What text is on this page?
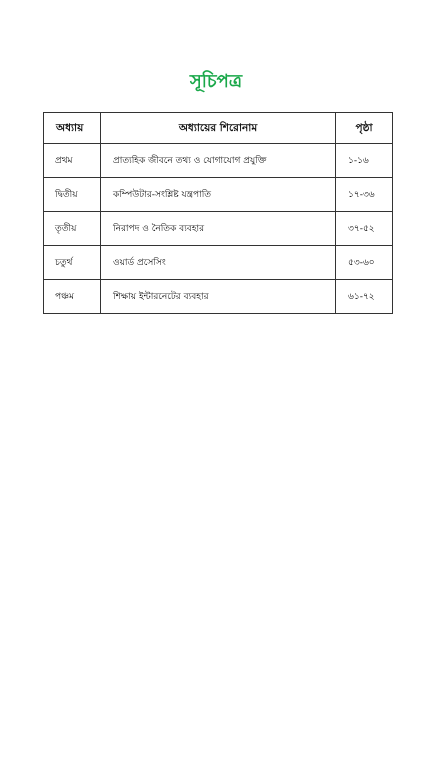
সূচিপত্র
অধ্যায়	অধ্যায়ের শিরোনাম	পৃষ্ঠা
প্রথম	প্রাত্যহিক জীবনে তথ্য ও যোগাযোগ প্রযুক্তি	১-১৬
দ্বিতীয়	কম্পিউটার-সংশ্লিষ্ট যন্ত্রপাতি	১৭-৩৬
তৃতীয়	নিরাপদ ও নৈতিক ব্যবহার	৩৭-৫২
চতুর্থ	ওয়ার্ড প্রসেসিং	৫৩-৬০
পঞ্চম	শিক্ষায় ইন্টারনেটের ব্যবহার	৬১-৭২
